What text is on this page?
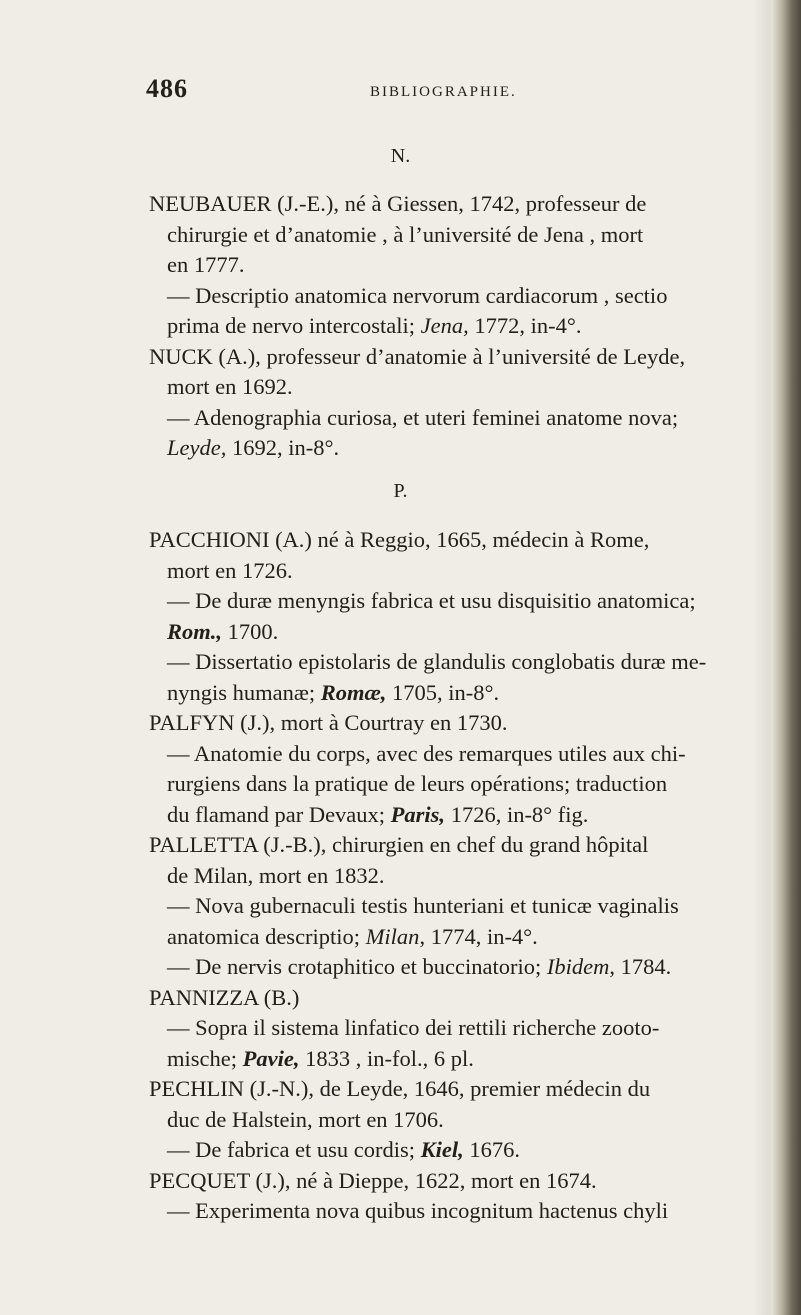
486	BIBLIOGRAPHIE.
N.
NEUBAUER (J.-E.), né à Giessen, 1742, professeur de
chirurgie et d’anatomie , à l’université de Jena , mort
en 1777.
— Descriptio anatomica nervorum cardiacorum , sectio
prima de nervo intercostali; Jena, 1772, in-4°.
NUCK (A.), professeur d’anatomie à l’université de Leyde,
mort en 1692.
— Adenographia curiosa, et uteri feminei anatome nova;
Leyde, 1692, in-8°.
P.
PACCHIONI (A.) né à Reggio, 1665, médecin à Rome,
mort en 1726.
— De duræ menyngis fabrica et usu disquisitio anatomica;
Rom., 1700.
— Dissertatio epistolaris de glandulis conglobatis duræ me-
nyngis humanæ; Romæ, 1705, in-8°.
PALFYN (J.), mort à Courtray en 1730.
— Anatomie du corps, avec des remarques utiles aux chi-
rurgiens dans la pratique de leurs opérations; traduction
du flamand par Devaux; Paris, 1726, in-8° fig.
PALLETTA (J.-B.), chirurgien en chef du grand hôpital
de Milan, mort en 1832.
— Nova gubernaculi testis hunteriani et tunicæ vaginalis
anatomica descriptio; Milan, 1774, in-4°.
— De nervis crotaphitico et buccinatorio; Ibidem, 1784.
PANNIZZA (B.)
— Sopra il sistema linfatico dei rettili richerche zooto-
mische; Pavie, 1833 , in-fol., 6 pl.
PECHLIN (J.-N.), de Leyde, 1646, premier médecin du
duc de Halstein, mort en 1706.
— De fabrica et usu cordis; Kiel, 1676.
PECQUET (J.), né à Dieppe, 1622, mort en 1674.
— Experimenta nova quibus incognitum hactenus chyli
